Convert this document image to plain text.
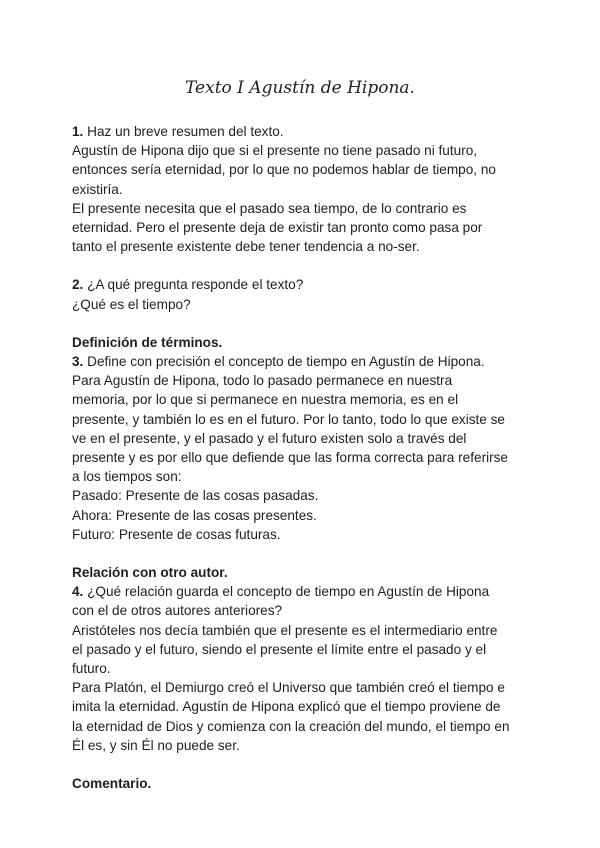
Texto I Agustín de Hipona.

1. Haz un breve resumen del texto.

Agustín de Hipona dijo que si el presente no tiene pasado ni futuro,

entonces sería eternidad, por lo que no podemos hablar de tiempo, no

existiría.

El presente necesita que el pasado sea tiempo, de lo contrario es

eternidad. Pero el presente deja de existir tan pronto como pasa por

tanto el presente existente debe tener tendencia a no-ser.

2. ¿A qué pregunta responde el texto?

¿Qué es el tiempo?

Definición de términos.

3. Define con precisión el concepto de tiempo en Agustín de Hipona.

Para Agustín de Hipona, todo lo pasado permanece en nuestra

memoria, por lo que si permanece en nuestra memoria, es en el

presente, y también lo es en el futuro. Por lo tanto, todo lo que existe se

ve en el presente, y el pasado y el futuro existen solo a través del

presente y es por ello que defiende que las forma correcta para referirse

a los tiempos son:

Pasado: Presente de las cosas pasadas.

Ahora: Presente de las cosas presentes.

Futuro: Presente de cosas futuras.

Relación con otro autor.

4. ¿Qué relación guarda el concepto de tiempo en Agustín de Hipona

con el de otros autores anteriores?

Aristóteles nos decía también que el presente es el intermediario entre

el pasado y el futuro, siendo el presente el límite entre el pasado y el

futuro.

Para Platón, el Demiurgo creó el Universo que también creó el tiempo e

imita la eternidad. Agustín de Hipona explicó que el tiempo proviene de

la eternidad de Dios y comienza con la creación del mundo, el tiempo en

Él es, y sin Él no puede ser.

Comentario.
